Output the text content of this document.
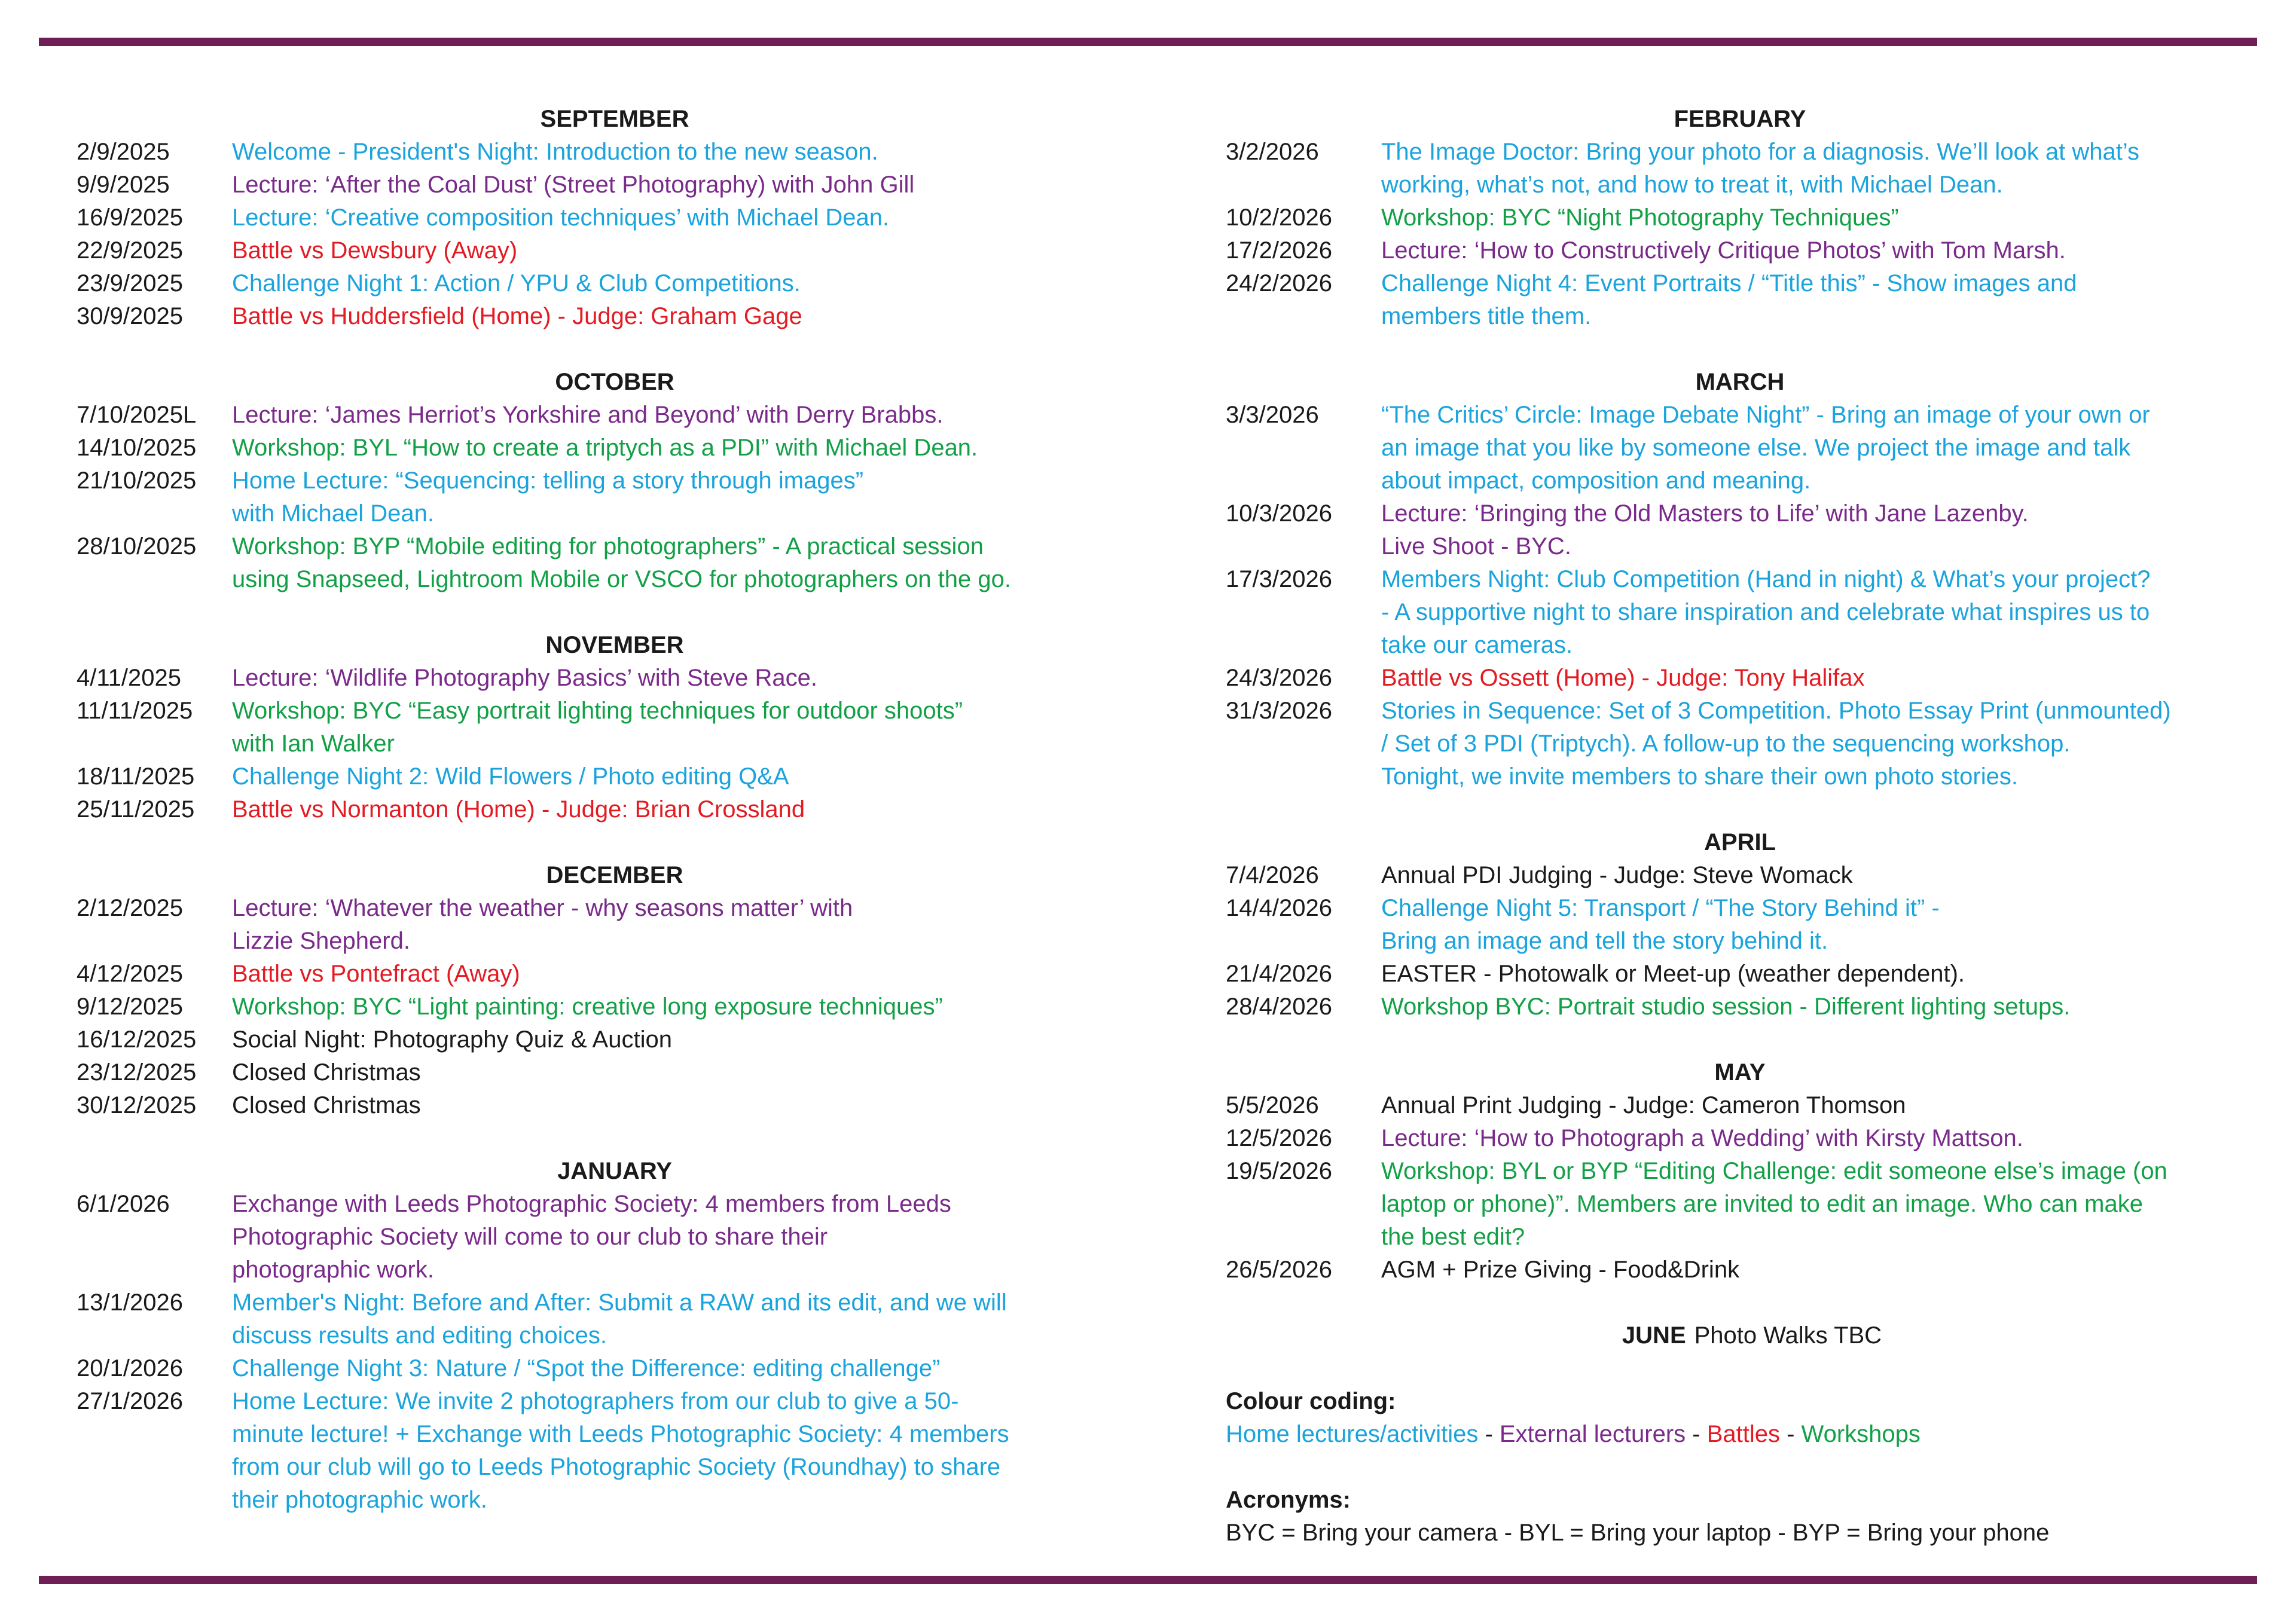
SEPTEMBER
2/9/2025	Welcome - President's Night: Introduction to the new season.
9/9/2025	Lecture: ‘After the Coal Dust’ (Street Photography) with John Gill
16/9/2025	Lecture: ‘Creative composition techniques’ with Michael Dean.
22/9/2025	Battle vs Dewsbury (Away)
23/9/2025	Challenge Night 1: Action / YPU & Club Competitions.
30/9/2025	Battle vs Huddersfield (Home) - Judge: Graham Gage
OCTOBER
7/10/2025L	Lecture: ‘James Herriot’s Yorkshire and Beyond’ with Derry Brabbs.
14/10/2025	Workshop: BYL “How to create a triptych as a PDI” with Michael Dean.
21/10/2025	Home Lecture: “Sequencing: telling a story through images”
with Michael Dean.
28/10/2025	Workshop: BYP “Mobile editing for photographers” - A practical session
using Snapseed, Lightroom Mobile or VSCO for photographers on the go.
NOVEMBER
4/11/2025	Lecture: ‘Wildlife Photography Basics’ with Steve Race.
11/11/2025	Workshop: BYC “Easy portrait lighting techniques for outdoor shoots”
with Ian Walker
18/11/2025	Challenge Night 2: Wild Flowers / Photo editing Q&A
25/11/2025	Battle vs Normanton (Home) - Judge: Brian Crossland
DECEMBER
2/12/2025	Lecture: ‘Whatever the weather - why seasons matter’ with
Lizzie Shepherd.
4/12/2025	Battle vs Pontefract (Away)
9/12/2025	Workshop: BYC “Light painting: creative long exposure techniques”
16/12/2025	Social Night: Photography Quiz & Auction
23/12/2025	Closed Christmas
30/12/2025	Closed Christmas
JANUARY
6/1/2026	Exchange with Leeds Photographic Society: 4 members from Leeds
Photographic Society will come to our club to share their
photographic work.
13/1/2026	Member's Night: Before and After: Submit a RAW and its edit, and we will
discuss results and editing choices.
20/1/2026	Challenge Night 3: Nature / “Spot the Difference: editing challenge”
27/1/2026	Home Lecture: We invite 2 photographers from our club to give a 50-
minute lecture! + Exchange with Leeds Photographic Society: 4 members
from our club will go to Leeds Photographic Society (Roundhay) to share
their photographic work.
FEBRUARY
3/2/2026	The Image Doctor: Bring your photo for a diagnosis. We’ll look at what’s
working, what’s not, and how to treat it, with Michael Dean.
10/2/2026	Workshop: BYC “Night Photography Techniques”
17/2/2026	Lecture: ‘How to Constructively Critique Photos’ with Tom Marsh.
24/2/2026	Challenge Night 4: Event Portraits / “Title this” - Show images and
members title them.
MARCH
3/3/2026	“The Critics’ Circle: Image Debate Night” - Bring an image of your own or
an image that you like by someone else. We project the image and talk
about impact, composition and meaning.
10/3/2026	Lecture: ‘Bringing the Old Masters to Life’ with Jane Lazenby.
Live Shoot - BYC.
17/3/2026	Members Night: Club Competition (Hand in night) & What’s your project?
- A supportive night to share inspiration and celebrate what inspires us to
take our cameras.
24/3/2026	Battle vs Ossett (Home) - Judge: Tony Halifax
31/3/2026	Stories in Sequence: Set of 3 Competition. Photo Essay Print (unmounted)
/ Set of 3 PDI (Triptych). A follow-up to the sequencing workshop.
Tonight, we invite members to share their own photo stories.
APRIL
7/4/2026	Annual PDI Judging - Judge: Steve Womack
14/4/2026	Challenge Night 5: Transport / “The Story Behind it” -
Bring an image and tell the story behind it.
21/4/2026	EASTER - Photowalk or Meet-up (weather dependent).
28/4/2026	Workshop BYC: Portrait studio session - Different lighting setups.
MAY
5/5/2026	Annual Print Judging - Judge: Cameron Thomson
12/5/2026	Lecture: ‘How to Photograph a Wedding’ with Kirsty Mattson.
19/5/2026	Workshop: BYL or BYP “Editing Challenge: edit someone else’s image (on
laptop or phone)”. Members are invited to edit an image. Who can make
the best edit?
26/5/2026	AGM + Prize Giving - Food&Drink
JUNE Photo Walks TBC
Colour coding:
Home lectures/activities - External lecturers - Battles - Workshops
Acronyms:
BYC = Bring your camera - BYL = Bring your laptop - BYP = Bring your phone
